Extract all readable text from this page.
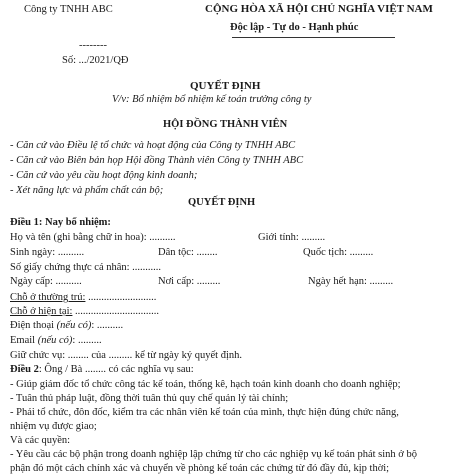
Công ty TNHH ABC	CỘNG HÒA XÃ HỘI CHỦ NGHĨA VIỆT NAM
Độc lập - Tự do - Hạnh phúc
--------
Số: .../2021/QĐ
QUYẾT ĐỊNH
V/v: Bổ nhiệm bổ nhiệm kế toán trưởng công ty
HỘI ĐỒNG THÀNH VIÊN
- Căn cứ vào Điều lệ tổ chức và hoạt động của Công ty TNHH ABC
- Căn cứ vào Biên bản họp Hội đồng Thành viên Công ty TNHH ABC
- Căn cứ vào yêu cầu hoạt động kinh doanh;
- Xét năng lực và phẩm chất cán bộ;
QUYẾT ĐỊNH
Điều 1: Nay bổ nhiệm:
Họ và tên (ghi bằng chữ in hoa): ..........	Giới tính: .........
Sinh ngày: ..........	Dân tộc: ........	Quốc tịch: .........
Số giấy chứng thực cá nhân: ...........
Ngày cấp: ..........	Nơi cấp: .........	Ngày hết hạn: .........
Chỗ ở thường trú: ..........................
Chỗ ở hiện tại: ................................
Điện thoại (nếu có): ..........
Email (nếu có): .........
Giữ chức vụ: ........ của ......... kể từ ngày ký quyết định.
Điều 2: Ông / Bà ........ có các nghĩa vụ sau:
- Giúp giám đốc tổ chức công tác kế toán, thống kê, hạch toán kinh doanh cho doanh nghiệp;
- Tuân thủ pháp luật, đồng thời tuân thủ quy chế quản lý tài chính;
- Phải tổ chức, đôn đốc, kiểm tra các nhân viên kế toán của mình, thực hiện đúng chức năng,
nhiệm vụ được giao;
Và các quyền:
- Yêu cầu các bộ phận trong doanh nghiệp lập chứng từ cho các nghiệp vụ kế toán phát sinh ở bộ
phận đó một cách chính xác và chuyển về phòng kế toán các chứng từ đó đầy đủ, kịp thời;
